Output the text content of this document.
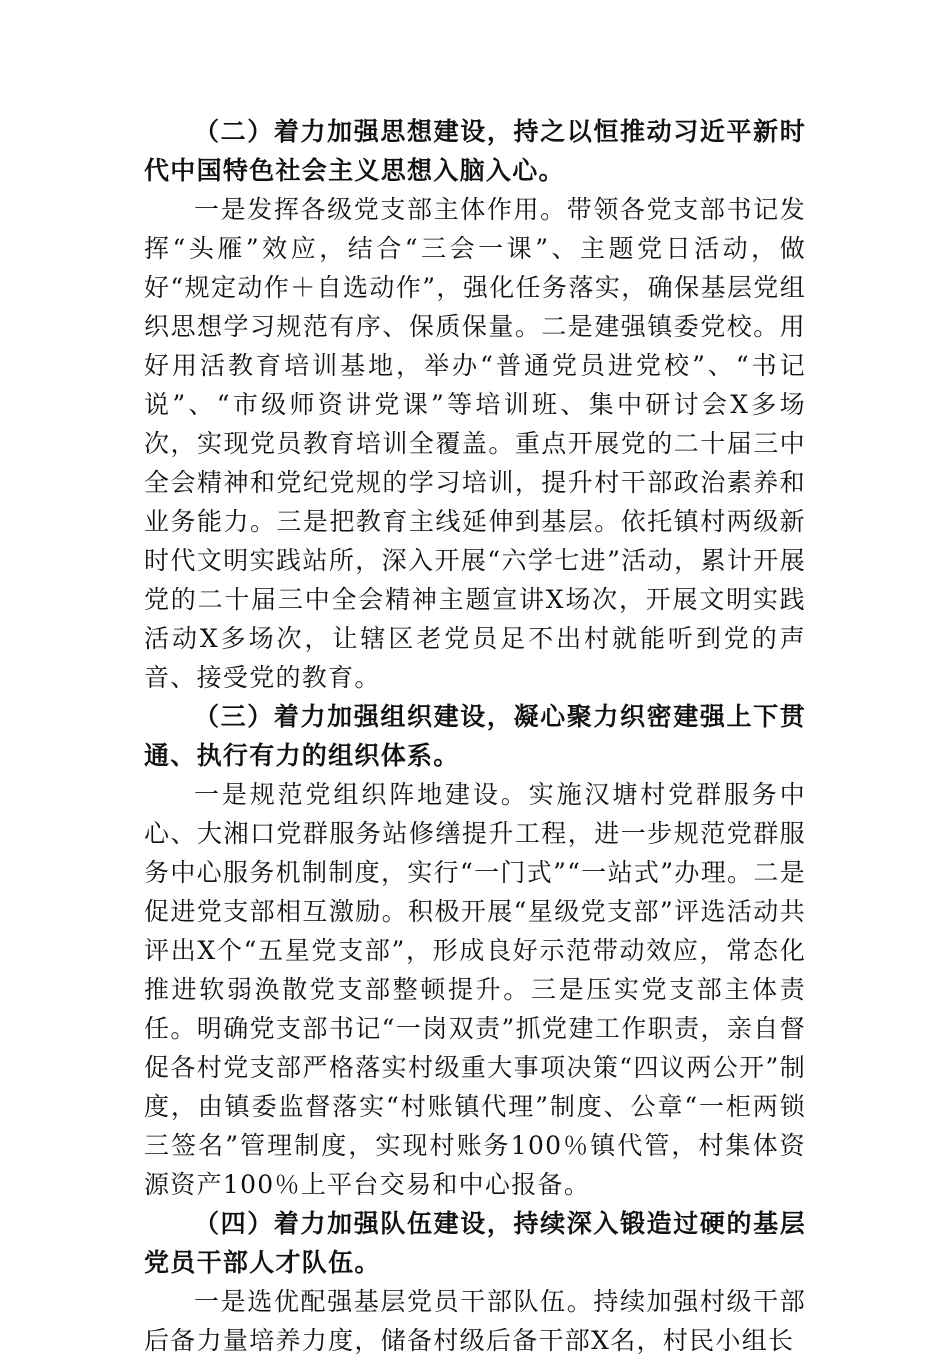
（二）着力加强思想建设，持之以恒推动习近平新时代中国特色社会主义思想入脑入心。

一是发挥各级党支部主体作用。带领各党支部书记发挥“头雁”效应，结合“三会一课”、主题党日活动，做好“规定动作＋自选动作”，强化任务落实，确保基层党组织思想学习规范有序、保质保量。二是建强镇委党校。用好用活教育培训基地，举办“普通党员进党校”、“书记说”、“市级师资讲党课”等培训班、集中研讨会X多场次，实现党员教育培训全覆盖。重点开展党的二十届三中全会精神和党纪党规的学习培训，提升村干部政治素养和业务能力。三是把教育主线延伸到基层。依托镇村两级新时代文明实践站所，深入开展“六学七进”活动，累计开展党的二十届三中全会精神主题宣讲X场次，开展文明实践活动X多场次，让辖区老党员足不出村就能听到党的声音、接受党的教育。

（三）着力加强组织建设，凝心聚力织密建强上下贯通、执行有力的组织体系。

一是规范党组织阵地建设。实施汉塘村党群服务中心、大湘口党群服务站修缮提升工程，进一步规范党群服务中心服务机制制度，实行“一门式”“一站式”办理。二是促进党支部相互激励。积极开展“星级党支部”评选活动共评出X个“五星党支部”，形成良好示范带动效应，常态化推进软弱涣散党支部整顿提升。三是压实党支部主体责任。明确党支部书记“一岗双责”抓党建工作职责，亲自督促各村党支部严格落实村级重大事项决策“四议两公开”制度，由镇委监督落实“村账镇代理”制度、公章“一柜两锁三签名”管理制度，实现村账务100％镇代管，村集体资源资产100％上平台交易和中心报备。

（四）着力加强队伍建设，持续深入锻造过硬的基层党员干部人才队伍。

一是选优配强基层党员干部队伍。持续加强村级干部后备力量培养力度，储备村级后备干部X名，村民小组长
